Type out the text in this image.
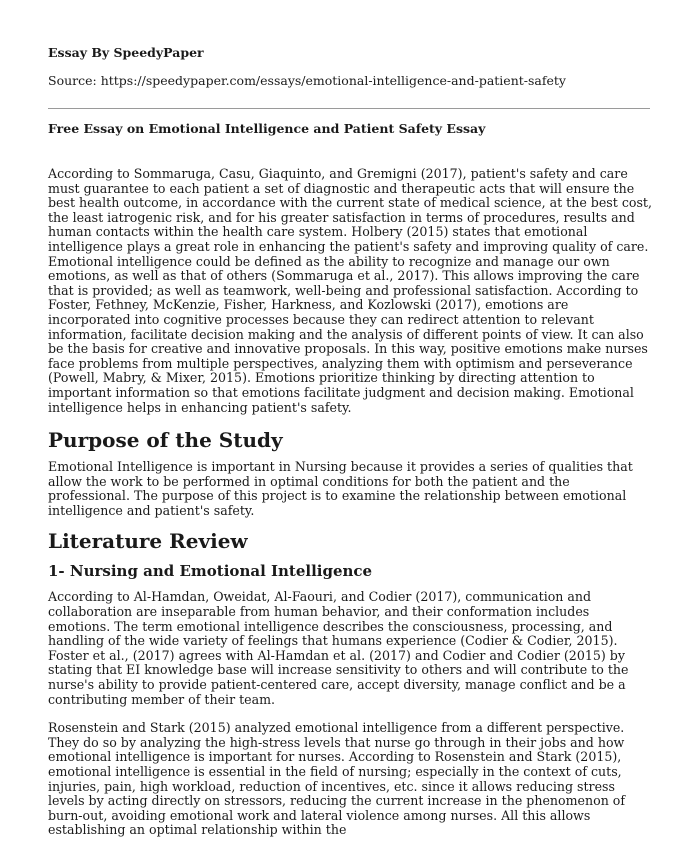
Essay By SpeedyPaper
Source: https://speedypaper.com/essays/emotional-intelligence-and-patient-safety
Free Essay on Emotional Intelligence and Patient Safety Essay

According to Sommaruga, Casu, Giaquinto, and Gremigni (2017), patient's safety and care must guarantee to each patient a set of diagnostic and therapeutic acts that will ensure the best health outcome, in accordance with the current state of medical science, at the best cost, the least iatrogenic risk, and for his greater satisfaction in terms of procedures, results and human contacts within the health care system. Holbery (2015) states that emotional intelligence plays a great role in enhancing the patient's safety and improving quality of care. Emotional intelligence could be defined as the ability to recognize and manage our own emotions, as well as that of others (Sommaruga et al., 2017). This allows improving the care that is provided; as well as teamwork, well-being and professional satisfaction. According to Foster, Fethney, McKenzie, Fisher, Harkness, and Kozlowski (2017), emotions are incorporated into cognitive processes because they can redirect attention to relevant information, facilitate decision making and the analysis of different points of view. It can also be the basis for creative and innovative proposals. In this way, positive emotions make nurses face problems from multiple perspectives, analyzing them with optimism and perseverance (Powell, Mabry, & Mixer, 2015). Emotions prioritize thinking by directing attention to important information so that emotions facilitate judgment and decision making. Emotional intelligence helps in enhancing patient's safety.

Purpose of the Study

Emotional Intelligence is important in Nursing because it provides a series of qualities that allow the work to be performed in optimal conditions for both the patient and the professional. The purpose of this project is to examine the relationship between emotional intelligence and patient's safety.

Literature Review
1- Nursing and Emotional Intelligence

According to Al-Hamdan, Oweidat, Al-Faouri, and Codier (2017), communication and collaboration are inseparable from human behavior, and their conformation includes emotions. The term emotional intelligence describes the consciousness, processing, and handling of the wide variety of feelings that humans experience (Codier & Codier, 2015). Foster et al., (2017) agrees with Al-Hamdan et al. (2017) and Codier and Codier (2015) by stating that EI knowledge base will increase sensitivity to others and will contribute to the nurse's ability to provide patient-centered care, accept diversity, manage conflict and be a contributing member of their team.

Rosenstein and Stark (2015) analyzed emotional intelligence from a different perspective. They do so by analyzing the high-stress levels that nurse go through in their jobs and how emotional intelligence is important for nurses. According to Rosenstein and Stark (2015), emotional intelligence is essential in the field of nursing; especially in the context of cuts, injuries, pain, high workload, reduction of incentives, etc. since it allows reducing stress levels by acting directly on stressors, reducing the current increase in the phenomenon of burn-out, avoiding emotional work and lateral violence among nurses. All this allows establishing an optimal relationship within the
